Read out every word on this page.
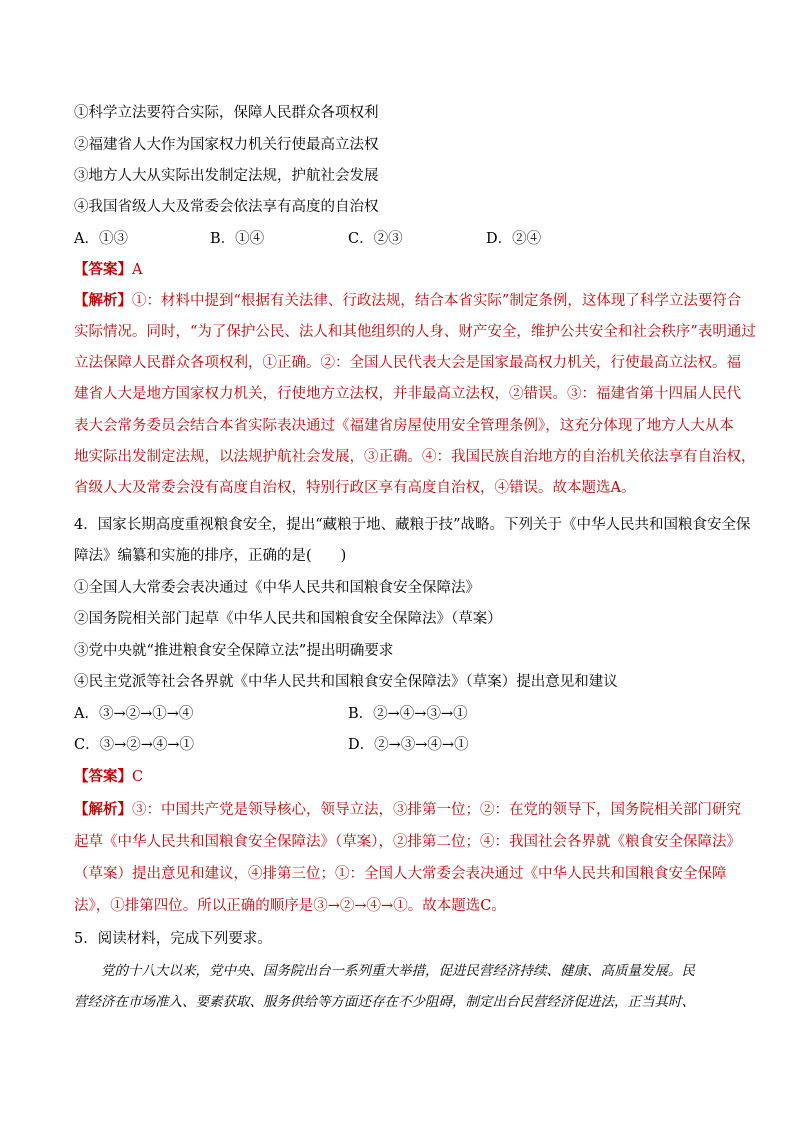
①科学立法要符合实际，保障人民群众各项权利
②福建省人大作为国家权力机关行使最高立法权
③地方人大从实际出发制定法规，护航社会发展
④我国省级人大及常委会依法享有高度的自治权
A．①③	B．①④	C．②③	D．②④
【答案】A
【解析】①：材料中提到“根据有关法律、行政法规，结合本省实际”制定条例，这体现了科学立法要符合
实际情况。同时，“为了保护公民、法人和其他组织的人身、财产安全，维护公共安全和社会秩序”表明通过
立法保障人民群众各项权利，①正确。②：全国人民代表大会是国家最高权力机关，行使最高立法权。福
建省人大是地方国家权力机关，行使地方立法权，并非最高立法权，②错误。③：福建省第十四届人民代
表大会常务委员会结合本省实际表决通过《福建省房屋使用安全管理条例》，这充分体现了地方人大从本
地实际出发制定法规，以法规护航社会发展，③正确。④：我国民族自治地方的自治机关依法享有自治权，
省级人大及常委会没有高度自治权，特别行政区享有高度自治权，④错误。故本题选A。
4．国家长期高度重视粮食安全，提出“藏粮于地、藏粮于技”战略。下列关于《中华人民共和国粮食安全保
障法》编纂和实施的排序，正确的是(　　)
①全国人大常委会表决通过《中华人民共和国粮食安全保障法》
②国务院相关部门起草《中华人民共和国粮食安全保障法》（草案）
③党中央就“推进粮食安全保障立法”提出明确要求
④民主党派等社会各界就《中华人民共和国粮食安全保障法》（草案）提出意见和建议
A．③→②→①→④	B．②→④→③→①
C．③→②→④→①	D．②→③→④→①
【答案】C
【解析】③：中国共产党是领导核心，领导立法，③排第一位；②：在党的领导下，国务院相关部门研究
起草《中华人民共和国粮食安全保障法》（草案），②排第二位；④：我国社会各界就《粮食安全保障法》
（草案）提出意见和建议，④排第三位；①：全国人大常委会表决通过《中华人民共和国粮食安全保障
法》，①排第四位。所以正确的顺序是③→②→④→①。故本题选C。
5．阅读材料，完成下列要求。
　　党的十八大以来，党中央、国务院出台一系列重大举措，促进民营经济持续、健康、高质量发展。民
营经济在市场准入、要素获取、服务供给等方面还存在不少阻碍，制定出台民营经济促进法，正当其时、
